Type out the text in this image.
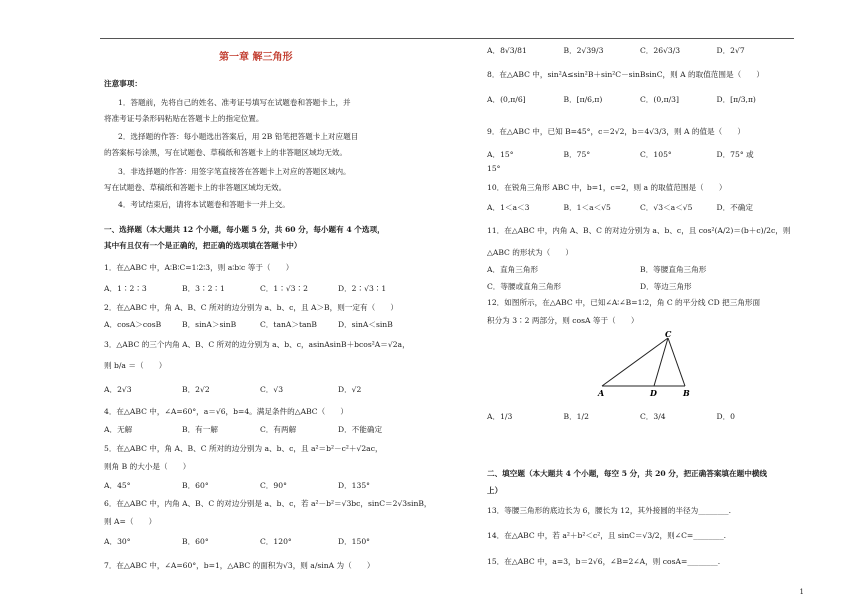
第一章 解三角形
注意事项：
1．答题前，先将自己的姓名、准考证号填写在试题卷和答题卡上，并
将准考证号条形码粘贴在答题卡上的指定位置。
2．选择题的作答：每小题选出答案后，用 2B 铅笔把答题卡上对应题目
的答案标号涂黑，写在试题卷、草稿纸和答题卡上的非答题区域均无效。
3．非选择题的作答：用签字笔直接答在答题卡上对应的答题区域内。
写在试题卷、草稿纸和答题卡上的非答题区域均无效。
4．考试结束后，请将本试题卷和答题卡一并上交。
一、选择题（本大题共 12 个小题，每小题 5 分，共 60 分，每小题有 4 个选项，
其中有且仅有一个是正确的，把正确的选项填在答题卡中）
1．在△ABC 中，A∶B∶C=1∶2∶3，则 a∶b∶c 等于（　　）
A．1∶2∶3	B．3∶2∶1	C．1∶√3∶2	D．2∶√3∶1
2．在△ABC 中，角 A、B、C 所对的边分别为 a、b、c，且 A＞B，则一定有（　　）
A．cosA＞cosB	B．sinA＞sinB	C．tanA＞tanB	D．sinA＜sinB
3．△ABC 的三个内角 A、B、C 所对的边分别为 a、b、c，asinAsinB＋bcos²A＝√2a，
则 b/a ＝（　　）
A．2√3	B．2√2	C．√3	D．√2
4．在△ABC 中，∠A=60°，a＝√6，b=4。满足条件的△ABC（　　）
A．无解	B．有一解	C．有两解	D．不能确定
5．在△ABC 中，角 A、B、C 所对的边分别为 a、b、c，且 a²＝b²－c²＋√2ac，
则角 B 的大小是（　　）
A．45°	B．60°	C．90°	D．135°
6．在△ABC 中，内角 A、B、C 的对边分别是 a、b、c，若 a²－b²＝√3bc，sinC＝2√3sinB，
则 A=（　　）
A．30°	B．60°	C．120°	D．150°
7．在△ABC 中，∠A=60°，b=1，△ABC 的面积为√3，则 a/sinA 为（　　）
A．8√3/81	B．2√39/3	C．26√3/3	D．2√7
8．在△ABC 中，sin²A≤sin²B＋sin²C－sinBsinC，则 A 的取值范围是（　　）
A．(0,π/6]	B．[π/6,π)	C．(0,π/3]	D．[π/3,π)
9．在△ABC 中，已知 B=45°，c＝2√2，b＝4√3/3，则 A 的值是（　　）
A．15°	B．75°	C．105°	D．75° 或
15°
10．在锐角三角形 ABC 中，b=1，c=2，则 a 的取值范围是（　　）
A．1＜a＜3	B．1＜a＜√5	C．√3＜a＜√5	D．不确定
11．在△ABC 中，内角 A、B、C 的对边分别为 a、b、c，且 cos²(A/2)＝(b＋c)/2c，则
△ABC 的形状为（　　）
A．直角三角形	B．等腰直角三角形
C．等腰或直角三角形	D．等边三角形
12．如图所示，在△ABC 中，已知∠A∶∠B=1∶2，角 C 的平分线 CD 把三角形面
积分为 3∶2 两部分，则 cosA 等于（　　）
C
A	D	B
A．1/3	B．1/2	C．3/4	D．0
二、填空题（本大题共 4 个小题，每空 5 分，共 20 分，把正确答案填在题中横线
上）
13．等腰三角形的底边长为 6，腰长为 12，其外接圆的半径为________.
14．在△ABC 中，若 a²＋b²＜c²，且 sinC＝√3/2，则∠C=________.
15．在△ABC 中，a=3，b＝2√6，∠B=2∠A，则 cosA=________.
1
